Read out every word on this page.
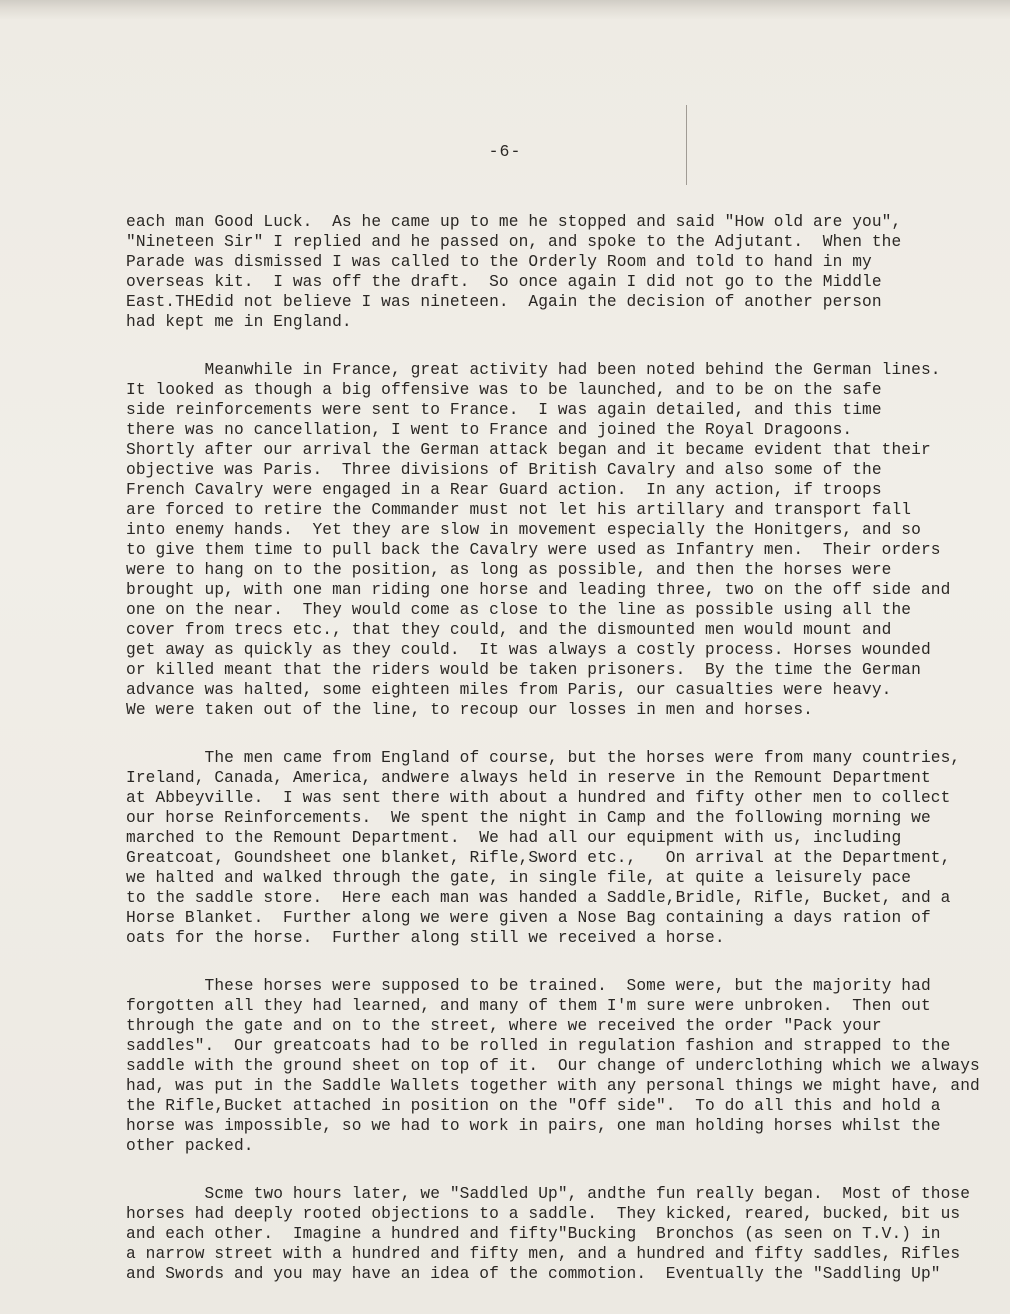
-6-
each man Good Luck.  As he came up to me he stopped and said "How old are you",
"Nineteen Sir" I replied and he passed on, and spoke to the Adjutant.  When the
Parade was dismissed I was called to the Orderly Room and told to hand in my
overseas kit.  I was off the draft.  So once again I did not go to the Middle
East.THEdid not believe I was nineteen.  Again the decision of another person
had kept me in England.
Meanwhile in France, great activity had been noted behind the German lines.
It looked as though a big offensive was to be launched, and to be on the safe
side reinforcements were sent to France.  I was again detailed, and this time
there was no cancellation, I went to France and joined the Royal Dragoons.
Shortly after our arrival the German attack began and it became evident that their
objective was Paris.  Three divisions of British Cavalry and also some of the
French Cavalry were engaged in a Rear Guard action.  In any action, if troops
are forced to retire the Commander must not let his artillary and transport fall
into enemy hands.  Yet they are slow in movement especially the Honitgers, and so
to give them time to pull back the Cavalry were used as Infantry men.  Their orders
were to hang on to the position, as long as possible, and then the horses were
brought up, with one man riding one horse and leading three, two on the off side and
one on the near.  They would come as close to the line as possible using all the
cover from trecs etc., that they could, and the dismounted men would mount and
get away as quickly as they could.  It was always a costly process. Horses wounded
or killed meant that the riders would be taken prisoners.  By the time the German
advance was halted, some eighteen miles from Paris, our casualties were heavy.
We were taken out of the line, to recoup our losses in men and horses.
The men came from England of course, but the horses were from many countries,
Ireland, Canada, America, andwere always held in reserve in the Remount Department
at Abbeyville.  I was sent there with about a hundred and fifty other men to collect
our horse Reinforcements.  We spent the night in Camp and the following morning we
marched to the Remount Department.  We had all our equipment with us, including
Greatcoat, Goundsheet one blanket, Rifle,Sword etc.,   On arrival at the Department,
we halted and walked through the gate, in single file, at quite a leisurely pace
to the saddle store.  Here each man was handed a Saddle,Bridle, Rifle, Bucket, and a
Horse Blanket.  Further along we were given a Nose Bag containing a days ration of
oats for the horse.  Further along still we received a horse.
These horses were supposed to be trained.  Some were, but the majority had
forgotten all they had learned, and many of them I'm sure were unbroken.  Then out
through the gate and on to the street, where we received the order "Pack your
saddles".  Our greatcoats had to be rolled in regulation fashion and strapped to the
saddle with the ground sheet on top of it.  Our change of underclothing which we always
had, was put in the Saddle Wallets together with any personal things we might have, and
the Rifle,Bucket attached in position on the "Off side".  To do all this and hold a
horse was impossible, so we had to work in pairs, one man holding horses whilst the
other packed.
Scme two hours later, we "Saddled Up", andthe fun really began.  Most of those
horses had deeply rooted objections to a saddle.  They kicked, reared, bucked, bit us
and each other.  Imagine a hundred and fifty"Bucking  Bronchos (as seen on T.V.) in
a narrow street with a hundred and fifty men, and a hundred and fifty saddles, Rifles
and Swords and you may have an idea of the commotion.  Eventually the "Saddling Up"
